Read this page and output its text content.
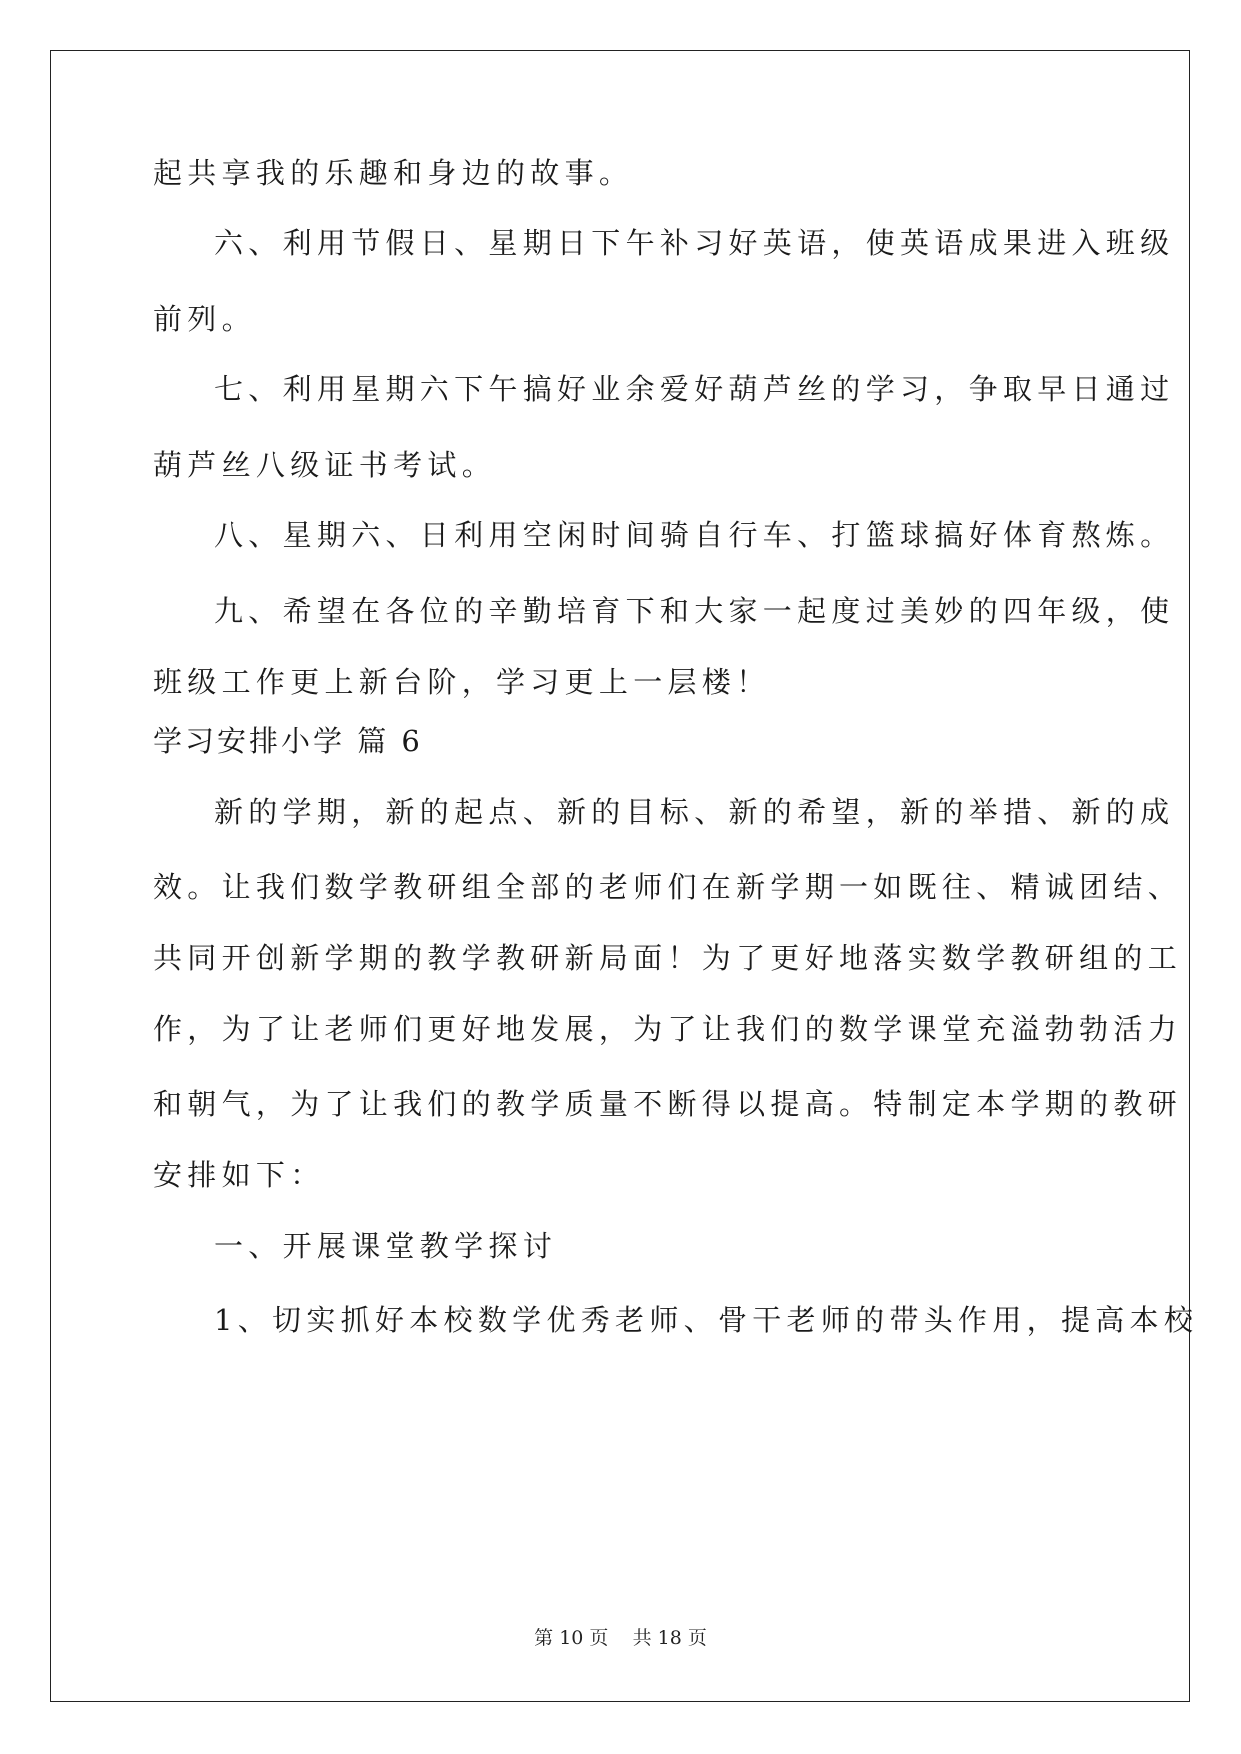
起共享我的乐趣和身边的故事。

六、利用节假日、星期日下午补习好英语，使英语成果进入班级

前列。

七、利用星期六下午搞好业余爱好葫芦丝的学习，争取早日通过

葫芦丝八级证书考试。

八、星期六、日利用空闲时间骑自行车、打篮球搞好体育熬炼。

九、希望在各位的辛勤培育下和大家一起度过美妙的四年级，使

班级工作更上新台阶，学习更上一层楼！

学习安排小学 篇 6

新的学期，新的起点、新的目标、新的希望，新的举措、新的成

效。让我们数学教研组全部的老师们在新学期一如既往、精诚团结、

共同开创新学期的教学教研新局面！为了更好地落实数学教研组的工

作，为了让老师们更好地发展，为了让我们的数学课堂充溢勃勃活力

和朝气，为了让我们的教学质量不断得以提高。特制定本学期的教研

安排如下：

一、开展课堂教学探讨

1、切实抓好本校数学优秀老师、骨干老师的带头作用，提高本校

第 10 页    共 18 页
